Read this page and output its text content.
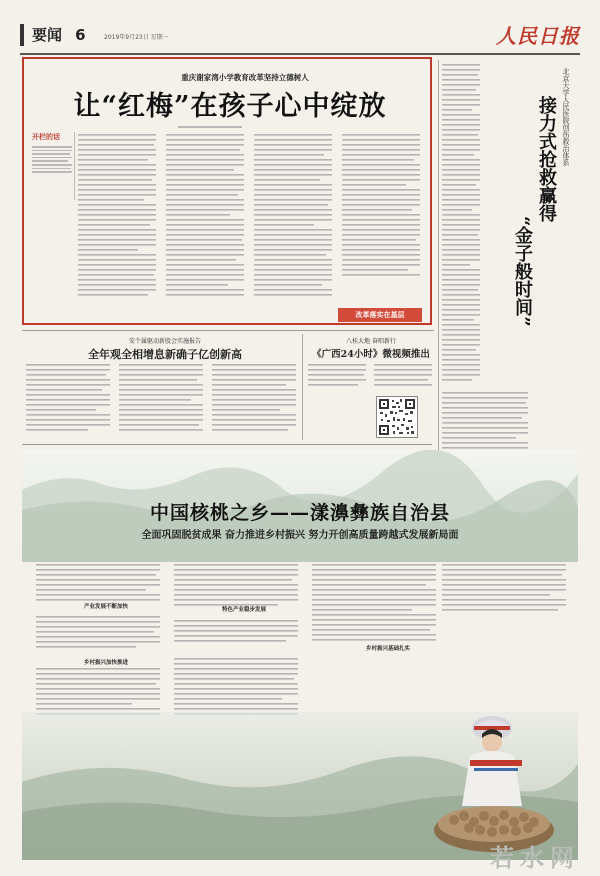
要闻 6	2019年9月23日 星期一	人民日报
重庆谢家湾小学教育改革坚持立德树人
让“红梅”在孩子心中绽放
开栏的话
改革落实在基层
北京大学人民医院创伤救治体系
接力式抢救赢得
“金子般时间”
安个属驱动新股会实施报告
全年观全相增息新确子亿创新高
八桂大地 奋唱新行
《广西24小时》微视频推出
中国核桃之乡——漾濞彝族自治县
全面巩固脱贫成果 奋力推进乡村振兴 努力开创高质量跨越式发展新局面
产业发展不断加快	特色产业稳步发展
乡村振兴基础扎实
乡村振兴加快推进
若水网
